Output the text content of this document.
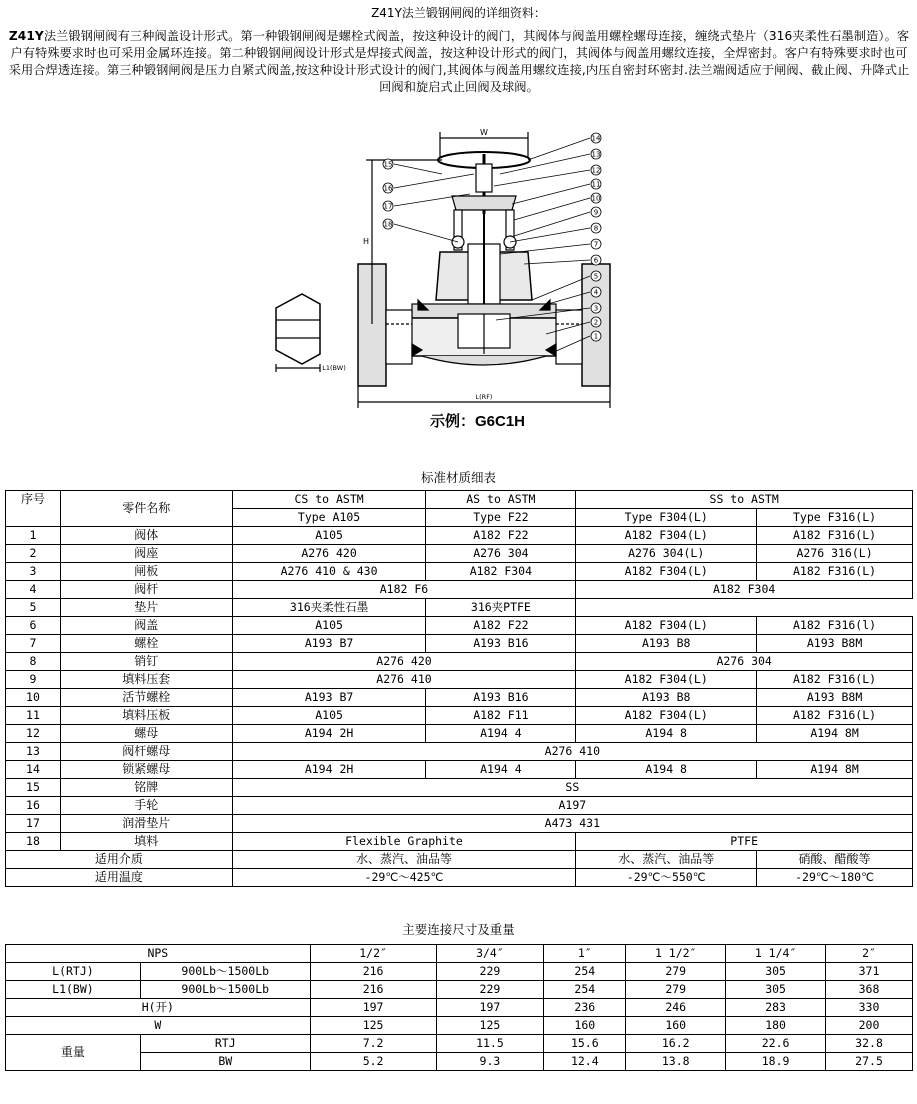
Z41Y法兰锻钢闸阀的详细资料：
Z41Y法兰锻钢闸阀有三种阀盖设计形式。第一种锻钢闸阀是螺栓式阀盖，按这种设计的阀门，其阀体与阀盖用螺栓螺母连接，缠绕式垫片（316夹柔性石墨制造）。客户有特殊要求时也可采用金属环连接。第二种锻钢闸阀设计形式是焊接式阀盖，按这种设计形式的阀门，其阀体与阀盖用螺纹连接，全焊密封。客户有特殊要求时也可采用合焊透连接。第三种锻钢闸阀是压力自紧式阀盖,按这种设计形式设计的阀门,其阀体与阀盖用螺纹连接,内压自密封环密封.法兰端阀适应于闸阀、截止阀、升降式止回阀和旋启式止回阀及球阀。
14
13
12
11
10
9
8
7
6
5
4
3
2
1
15
16
17
18
W
H
L1(BW)
L(RF)
示例：G6C1H
标准材质细表
序号	零件名称	CS to ASTM	AS to ASTM	SS to ASTM	
		Type A105	Type F22	Type F304(L)	Type F316(L)
1	阀体	A105	A182 F22	A182 F304(L)	A182 F316(L)
2	阀座	A276 420	A276 304	A276 304(L)	A276 316(L)
3	闸板	A276 410 & 430	A182 F304	A182 F304(L)	A182 F316(L)
4	阀杆	A182 F6		A182 F304	
5	垫片	316夹柔性石墨	316夹PTFE		
6	阀盖	A105	A182 F22	A182 F304(L)	A182 F316(l)
7	螺栓	A193 B7	A193 B16	A193 B8	A193 B8M
8	销钉	A276 420		A276 304	
9	填料压套	A276 410		A182 F304(L)	A182 F316(L)
10	活节螺栓	A193 B7	A193 B16	A193 B8	A193 B8M
11	填料压板	A105	A182 F11	A182 F304(L)	A182 F316(L)
12	螺母	A194 2H	A194 4	A194 8	A194 8M
13	阀杆螺母	A276 410			
14	锁紧螺母	A194 2H	A194 4	A194 8	A194 8M
15	铭牌	SS			
16	手轮	A197			
17	润滑垫片	A473 431			
18	填料	Flexible Graphite		PTFE	
适用介质		水、蒸汽、油品等		水、蒸汽、油品等	硝酸、醋酸等
适用温度		-29℃～425℃		-29℃～550℃	-29℃～180℃
主要连接尺寸及重量
NPS		1/2″	3/4″	1″	1 1/2″	1 1/4″	2″
L(RTJ)	900Lb～1500Lb	216	229	254	279	305	371
L1(BW)	900Lb～1500Lb	216	229	254	279	305	368
H(开)		197	197	236	246	283	330
W		125	125	160	160	180	200
重量	RTJ	7.2	11.5	15.6	16.2	22.6	32.8
	BW	5.2	9.3	12.4	13.8	18.9	27.5
